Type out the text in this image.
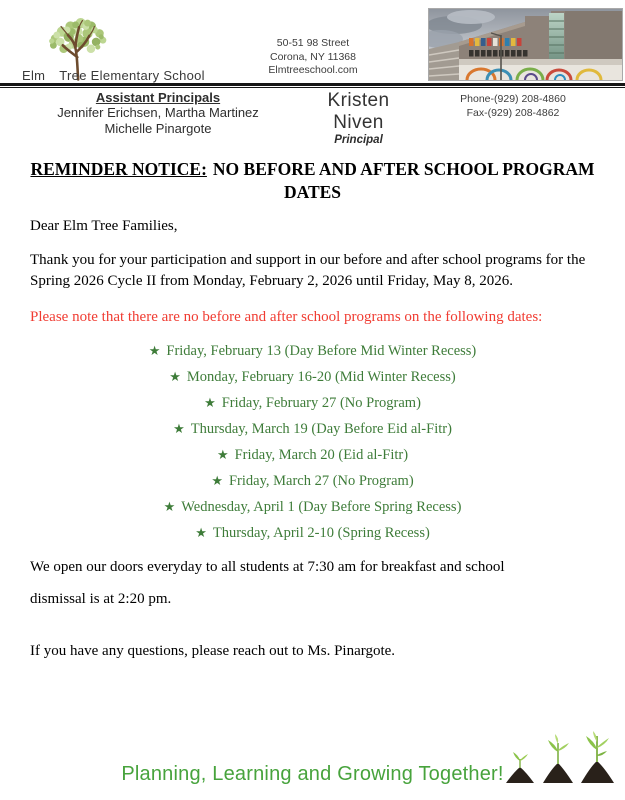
Elm Tree Elementary School
50-51 98 Street
Corona, NY 11368
Elmtreeschool.com
Assistant Principals
Jennifer Erichsen, Martha Martinez
Michelle Pinargote
Kristen Niven
Principal
Phone-(929) 208-4860
Fax-(929) 208-4862
REMINDER NOTICE: NO BEFORE AND AFTER SCHOOL PROGRAM
DATES

Dear Elm Tree Families,

Thank you for your participation and support in our before and after school programs for the Spring 2026 Cycle II from Monday, February 2, 2026 until Friday, May 8, 2026.

Please note that there are no before and after school programs on the following dates:

★ Friday, February 13 (Day Before Mid Winter Recess)
★ Monday, February 16-20 (Mid Winter Recess)
★ Friday, February 27 (No Program)
★ Thursday, March 19 (Day Before Eid al-Fitr)
★ Friday, March 20 (Eid al-Fitr)
★ Friday, March 27 (No Program)
★ Wednesday, April 1 (Day Before Spring Recess)
★ Thursday, April 2-10 (Spring Recess)

We open our doors everyday to all students at 7:30 am for breakfast and school dismissal is at 2:20 pm.

If you have any questions, please reach out to Ms. Pinargote.

Planning, Learning and Growing Together!
